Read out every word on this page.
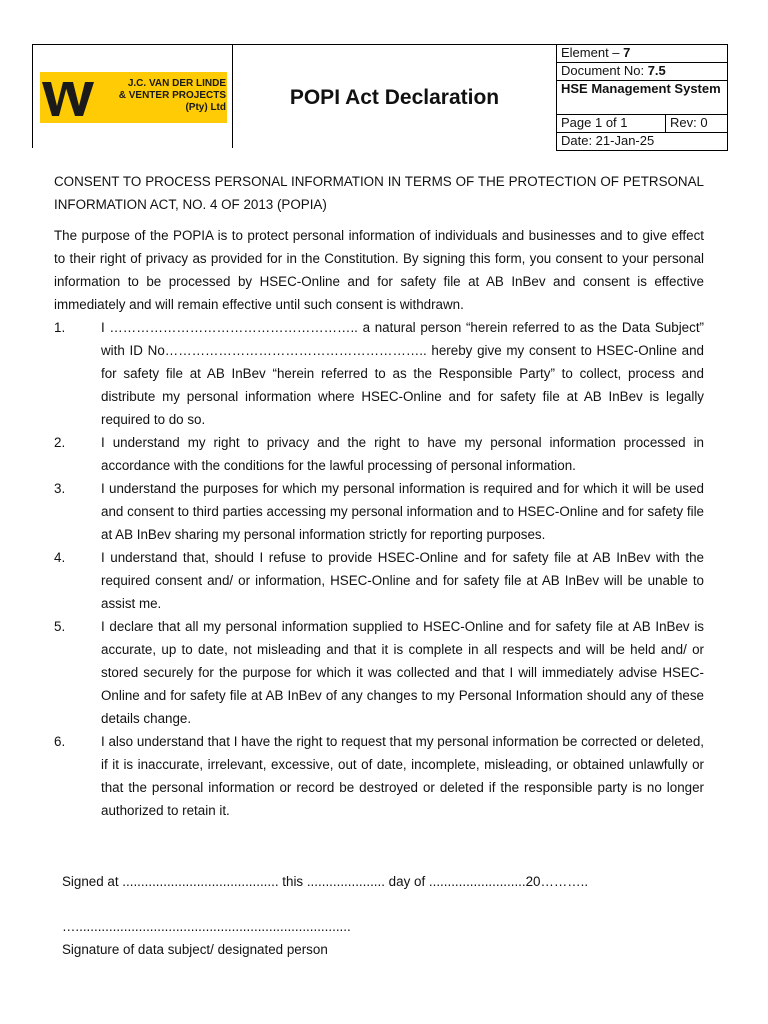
J.C. VAN DER LINDE
& VENTER PROJECTS
(Pty) Ltd	POPI Act Declaration
Element – 7
Document No: 7.5
HSE Management System
Page 1 of 1	Rev: 0
Date: 21-Jan-25

CONSENT TO PROCESS PERSONAL INFORMATION IN TERMS OF THE PROTECTION OF PETRSONAL INFORMATION ACT, NO. 4 OF 2013 (POPIA)

The purpose of the POPIA is to protect personal information of individuals and businesses and to give effect to their right of privacy as provided for in the Constitution. By signing this form, you consent to your personal information to be processed by HSEC-Online and for safety file at AB InBev and consent is effective immediately and will remain effective until such consent is withdrawn.

1.	I ……………………………………………….. a natural person “herein referred to as the Data Subject” with ID No………………………………………………….. hereby give my consent to HSEC-Online and for safety file at AB InBev “herein referred to as the Responsible Party” to collect, process and distribute my personal information where HSEC-Online and for safety file at AB InBev is legally required to do so.
2.	I understand my right to privacy and the right to have my personal information processed in accordance with the conditions for the lawful processing of personal information.
3.	I understand the purposes for which my personal information is required and for which it will be used and consent to third parties accessing my personal information and to HSEC-Online and for safety file at AB InBev sharing my personal information strictly for reporting purposes.
4.	I understand that, should I refuse to provide HSEC-Online and for safety file at AB InBev with the required consent and/ or information, HSEC-Online and for safety file at AB InBev will be unable to assist me.
5.	I declare that all my personal information supplied to HSEC-Online and for safety file at AB InBev is accurate, up to date, not misleading and that it is complete in all respects and will be held and/ or stored securely for the purpose for which it was collected and that I will immediately advise HSEC-Online and for safety file at AB InBev of any changes to my Personal Information should any of these details change.
6.	I also understand that I have the right to request that my personal information be corrected or deleted, if it is inaccurate, irrelevant, excessive, out of date, incomplete, misleading, or obtained unlawfully or that the personal information or record be destroyed or deleted if the responsible party is no longer authorized to retain it.
Signed at .......................................... this ..................... day of ..........................20………..
…..........................................................................
Signature of data subject/ designated person
